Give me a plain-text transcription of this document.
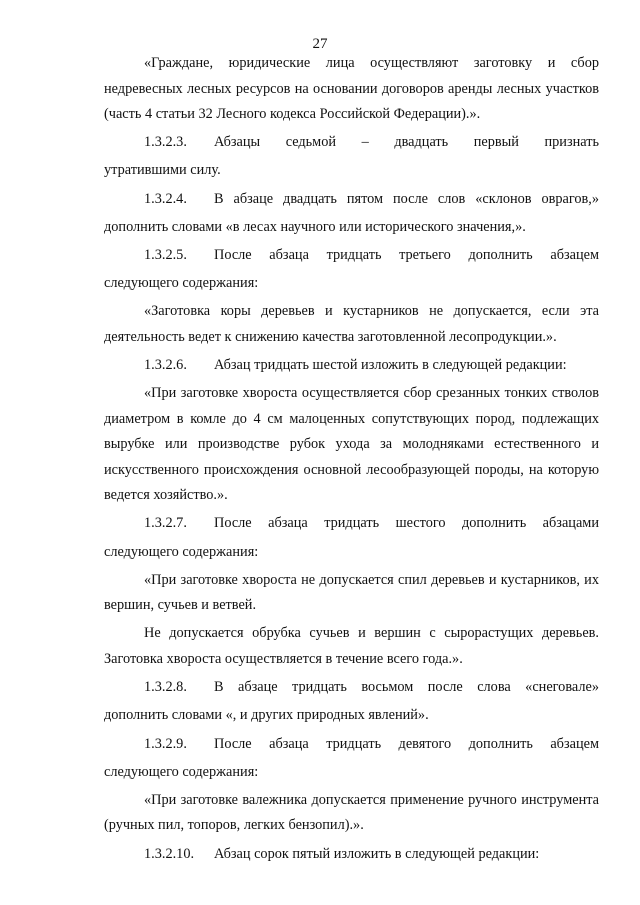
27

«Граждане, юридические лица осуществляют заготовку и сбор недревесных лесных ресурсов на основании договоров аренды лесных участков (часть 4 статьи 32 Лесного кодекса Российской Федерации).».

1.3.2.3.	Абзацы седьмой – двадцать первый признать

утратившими силу.

1.3.2.4.	В абзаце двадцать пятом после слов «склонов оврагов,»

дополнить словами «в лесах научного или исторического значения,».

1.3.2.5.	После абзаца тридцать третьего дополнить абзацем

следующего содержания:

«Заготовка коры деревьев и кустарников не допускается, если эта деятельность ведет к снижению качества заготовленной лесопродукции.».

1.3.2.6.	Абзац тридцать шестой изложить в следующей редакции:

«При заготовке хвороста осуществляется сбор срезанных тонких стволов диаметром в комле до 4 см малоценных сопутствующих пород, подлежащих вырубке или производстве рубок ухода за молодняками естественного и искусственного происхождения основной лесообразующей породы, на которую ведется хозяйство.».

1.3.2.7.	После абзаца тридцать шестого дополнить абзацами

следующего содержания:

«При заготовке хвороста не допускается спил деревьев и кустарников, их вершин, сучьев и ветвей.

Не допускается обрубка сучьев и вершин с сырорастущих деревьев. Заготовка хвороста осуществляется в течение всего года.».

1.3.2.8.	В абзаце тридцать восьмом после слова «снеговале»

дополнить словами «, и других природных явлений».

1.3.2.9.	После абзаца тридцать девятого дополнить абзацем

следующего содержания:

«При заготовке валежника допускается применение ручного инструмента (ручных пил, топоров, легких бензопил).».

1.3.2.10.	Абзац сорок пятый изложить в следующей редакции:
